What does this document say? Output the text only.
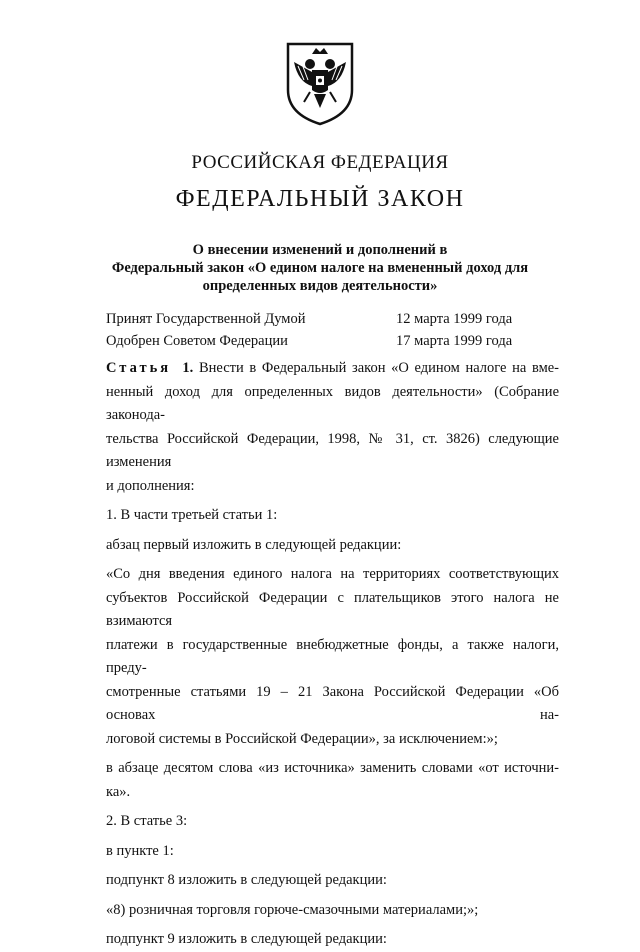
РОССИЙСКАЯ ФЕДЕРАЦИЯ
ФЕДЕРАЛЬНЫЙ ЗАКОН
О внесении изменений и дополнений в
Федеральный закон «О едином налоге на вмененный доход для
определенных видов деятельности»
Принят Государственной Думой	12 марта 1999 года
Одобрен Советом Федерации	17 марта 1999 года
Статья 1. Внести в Федеральный закон «О едином налоге на вме-
ненный доход для определенных видов деятельности» (Собрание законода-
тельства Российской Федерации, 1998, № 31, ст. 3826) следующие изменения
и дополнения:
1. В части третьей статьи 1:
абзац первый изложить в следующей редакции:
«Со дня введения единого налога на территориях соответствующих
субъектов Российской Федерации с плательщиков этого налога не взимаются
платежи в государственные внебюджетные фонды, а также налоги, преду-
смотренные статьями 19 – 21 Закона Российской Федерации «Об основах на-
логовой системы в Российской Федерации», за исключением:»;
в абзаце десятом слова «из источника» заменить словами «от источни-
ка».
2. В статье 3:
в пункте 1:
подпункт 8 изложить в следующей редакции:
«8) розничная торговля горюче-смазочными материалами;»;
подпункт 9 изложить в следующей редакции:
